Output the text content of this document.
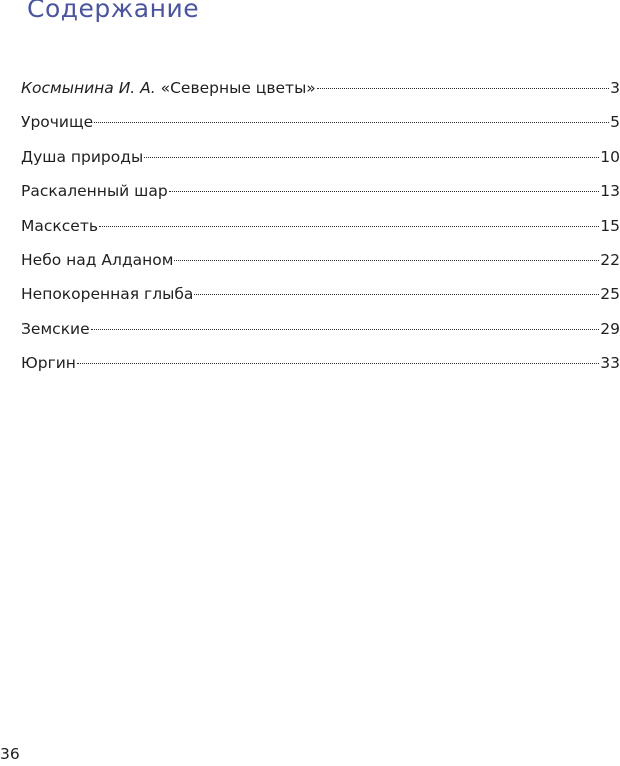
Содержание
Космынина И. А. «Северные цветы»	3
Урочище	5
Душа природы	10
Раскаленный шар	13
Масксеть	15
Небо над Алданом	22
Непокоренная глыба	25
Земские	29
Юргин	33
36
